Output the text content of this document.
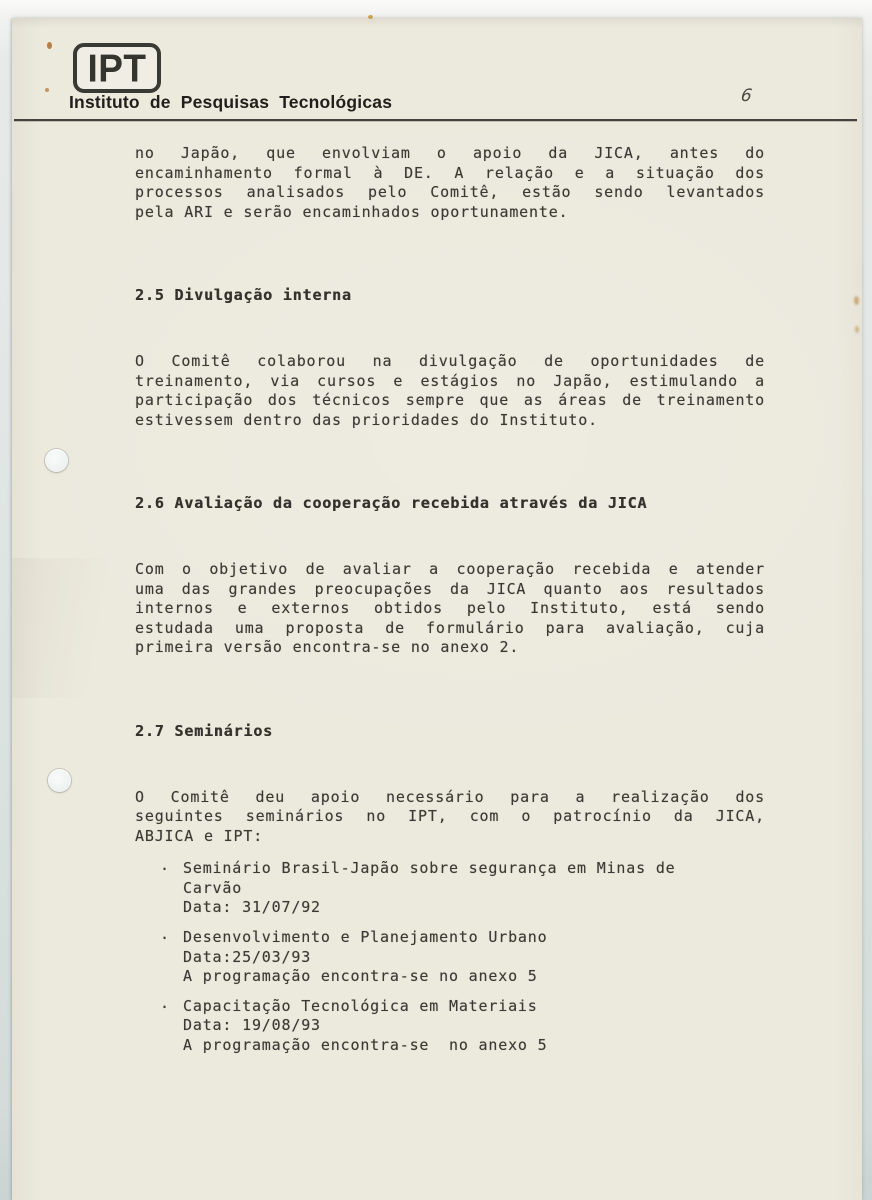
IPT
Instituto de Pesquisas Tecnológicas	6
no Japão, que envolviam o apoio da JICA, antes do
encaminhamento formal à DE. A relação e a situação dos
processos analisados pelo Comitê, estão sendo levantados
pela ARI e serão encaminhados oportunamente.
2.5 Divulgação interna
O Comitê colaborou na divulgação de oportunidades de
treinamento, via cursos e estágios no Japão, estimulando a
participação dos técnicos sempre que as áreas de treinamento
estivessem dentro das prioridades do Instituto.
2.6 Avaliação da cooperação recebida através da JICA
Com o objetivo de avaliar a cooperação recebida e atender
uma das grandes preocupações da JICA quanto aos resultados
internos e externos obtidos pelo Instituto, está sendo
estudada uma proposta de formulário para avaliação, cuja
primeira versão encontra-se no anexo 2.
2.7 Seminários
O Comitê deu apoio necessário para a realização dos
seguintes seminários no IPT, com o patrocínio da JICA,
ABJICA e IPT:
. Seminário Brasil-Japão sobre segurança em Minas de
Carvão
Data: 31/07/92
. Desenvolvimento e Planejamento Urbano
Data:25/03/93
A programação encontra-se no anexo 5
. Capacitação Tecnológica em Materiais
Data: 19/08/93
A programação encontra-se  no anexo 5
